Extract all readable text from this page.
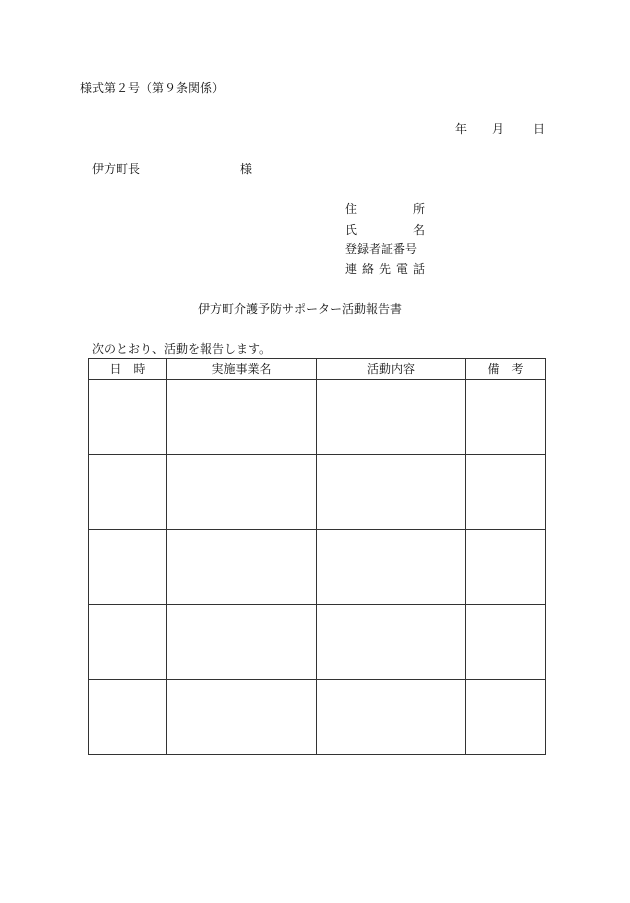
様式第２号（第９条関係）
年 月 日
伊方町長	様
住	所
氏	名
登録者証番号
連 絡 先 電 話
伊方町介護予防サポーター活動報告書
次のとおり、活動を報告します。
日　時	実施事業名	活動内容	備　考
